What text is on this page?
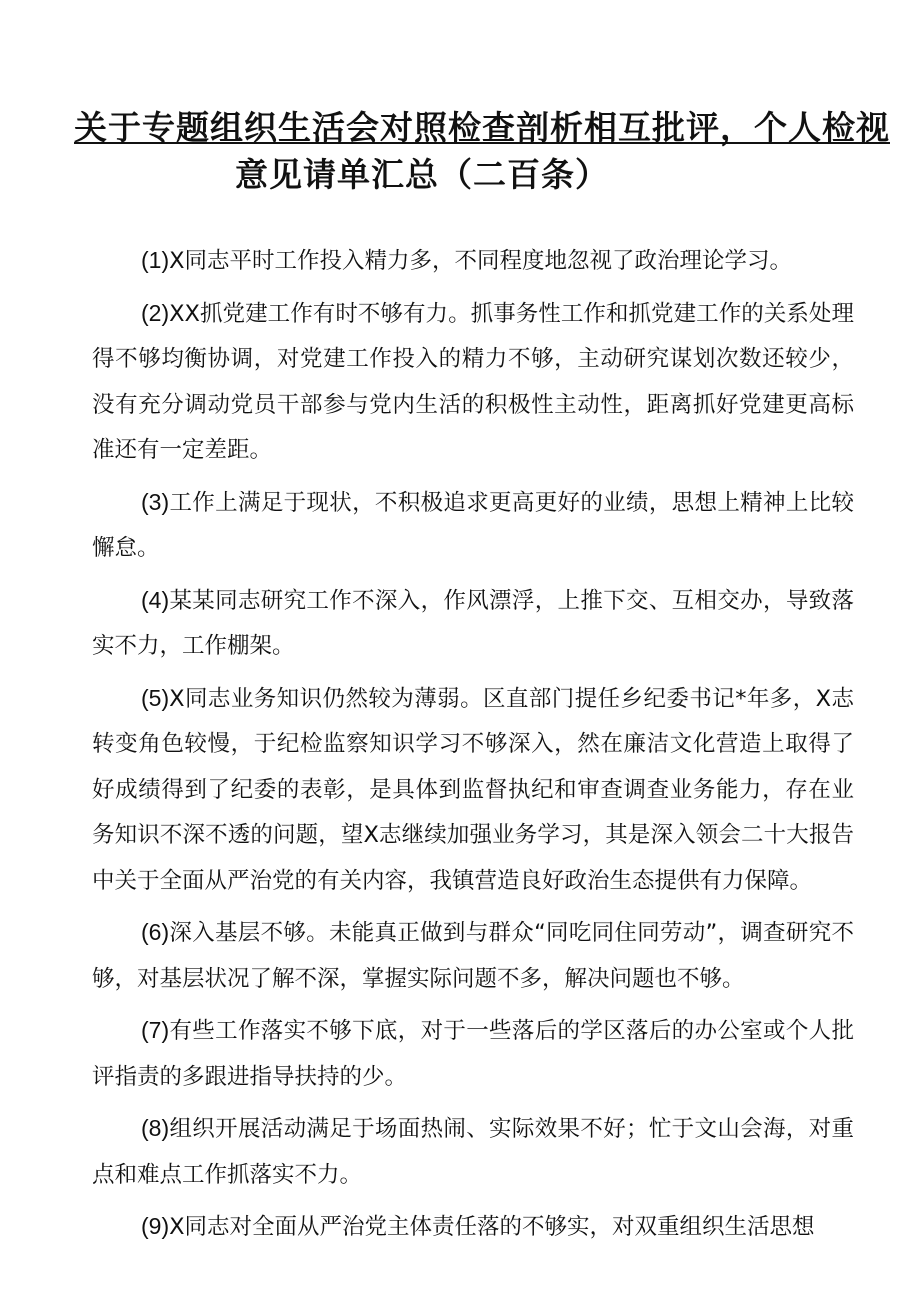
关于专题组织生活会对照检查剖析相互批评，个人检视
意见请单汇总（二百条）

(1)X同志平时工作投入精力多，不同程度地忽视了政治理论学习。

(2)XX抓党建工作有时不够有力。抓事务性工作和抓党建工作的关系处理得不够均衡协调，对党建工作投入的精力不够，主动研究谋划次数还较少，没有充分调动党员干部参与党内生活的积极性主动性，距离抓好党建更高标准还有一定差距。

(3)工作上满足于现状，不积极追求更高更好的业绩，思想上精神上比较懈怠。

(4)某某同志研究工作不深入，作风漂浮，上推下交、互相交办，导致落实不力，工作棚架。

(5)X同志业务知识仍然较为薄弱。区直部门提任乡纪委书记*年多，X志转变角色较慢，于纪检监察知识学习不够深入，然在廉洁文化营造上取得了好成绩得到了纪委的表彰，是具体到监督执纪和审查调查业务能力，存在业务知识不深不透的问题，望X志继续加强业务学习，其是深入领会二十大报告中关于全面从严治党的有关内容，我镇营造良好政治生态提供有力保障。

(6)深入基层不够。未能真正做到与群众“同吃同住同劳动”，调查研究不够，对基层状况了解不深，掌握实际问题不多，解决问题也不够。

(7)有些工作落实不够下底，对于一些落后的学区落后的办公室或个人批评指责的多跟进指导扶持的少。

(8)组织开展活动满足于场面热闹、实际效果不好；忙于文山会海，对重点和难点工作抓落实不力。

(9)X同志对全面从严治党主体责任落的不够实，对双重组织生活思想
